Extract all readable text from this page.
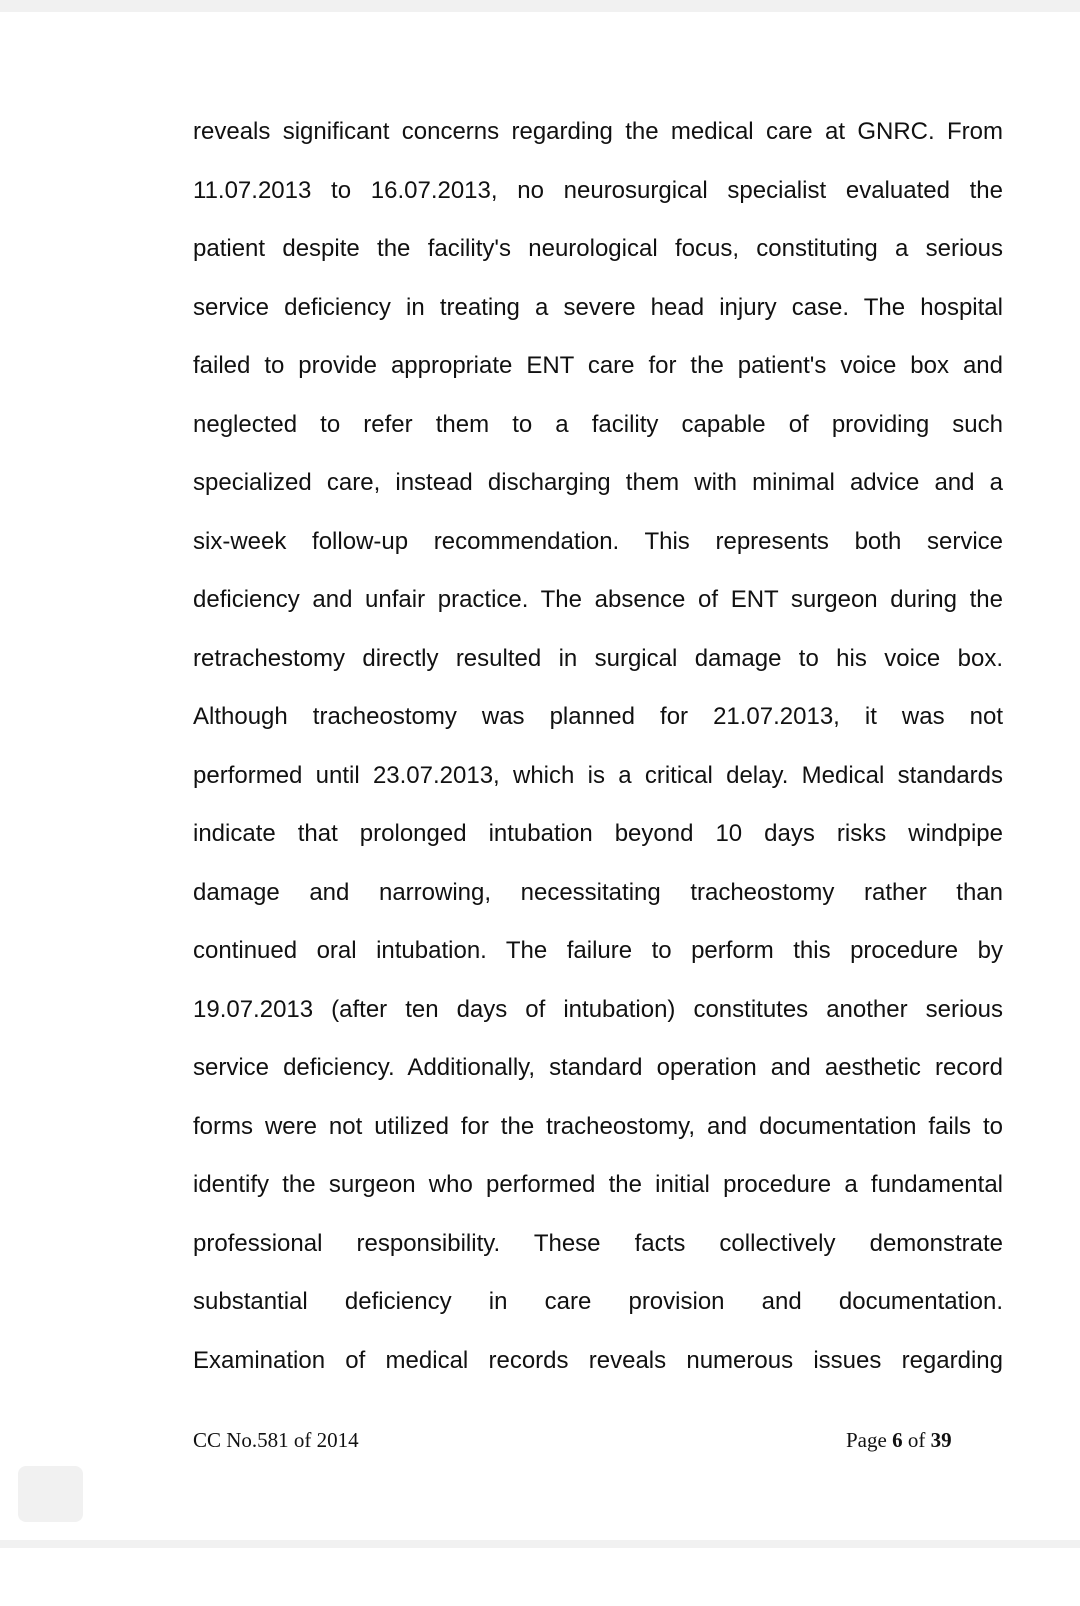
reveals significant concerns regarding the medical care at GNRC. From
11.07.2013 to 16.07.2013, no neurosurgical specialist evaluated the
patient despite the facility's neurological focus, constituting a serious
service deficiency in treating a severe head injury case. The hospital
failed to provide appropriate ENT care for the patient's voice box and
neglected to refer them to a facility capable of providing such
specialized care, instead discharging them with minimal advice and a
six-week follow-up recommendation. This represents both service
deficiency and unfair practice. The absence of ENT surgeon during the
retrachestomy directly resulted in surgical damage to his voice box.
Although tracheostomy was planned for 21.07.2013, it was not
performed until 23.07.2013, which is a critical delay. Medical standards
indicate that prolonged intubation beyond 10 days risks windpipe
damage and narrowing, necessitating tracheostomy rather than
continued oral intubation. The failure to perform this procedure by
19.07.2013 (after ten days of intubation) constitutes another serious
service deficiency. Additionally, standard operation and aesthetic record
forms were not utilized for the tracheostomy, and documentation fails to
identify the surgeon who performed the initial procedure a fundamental
professional responsibility. These facts collectively demonstrate
substantial deficiency in care provision and documentation.
Examination of medical records reveals numerous issues regarding
CC No.581 of 2014	Page 6 of 39
